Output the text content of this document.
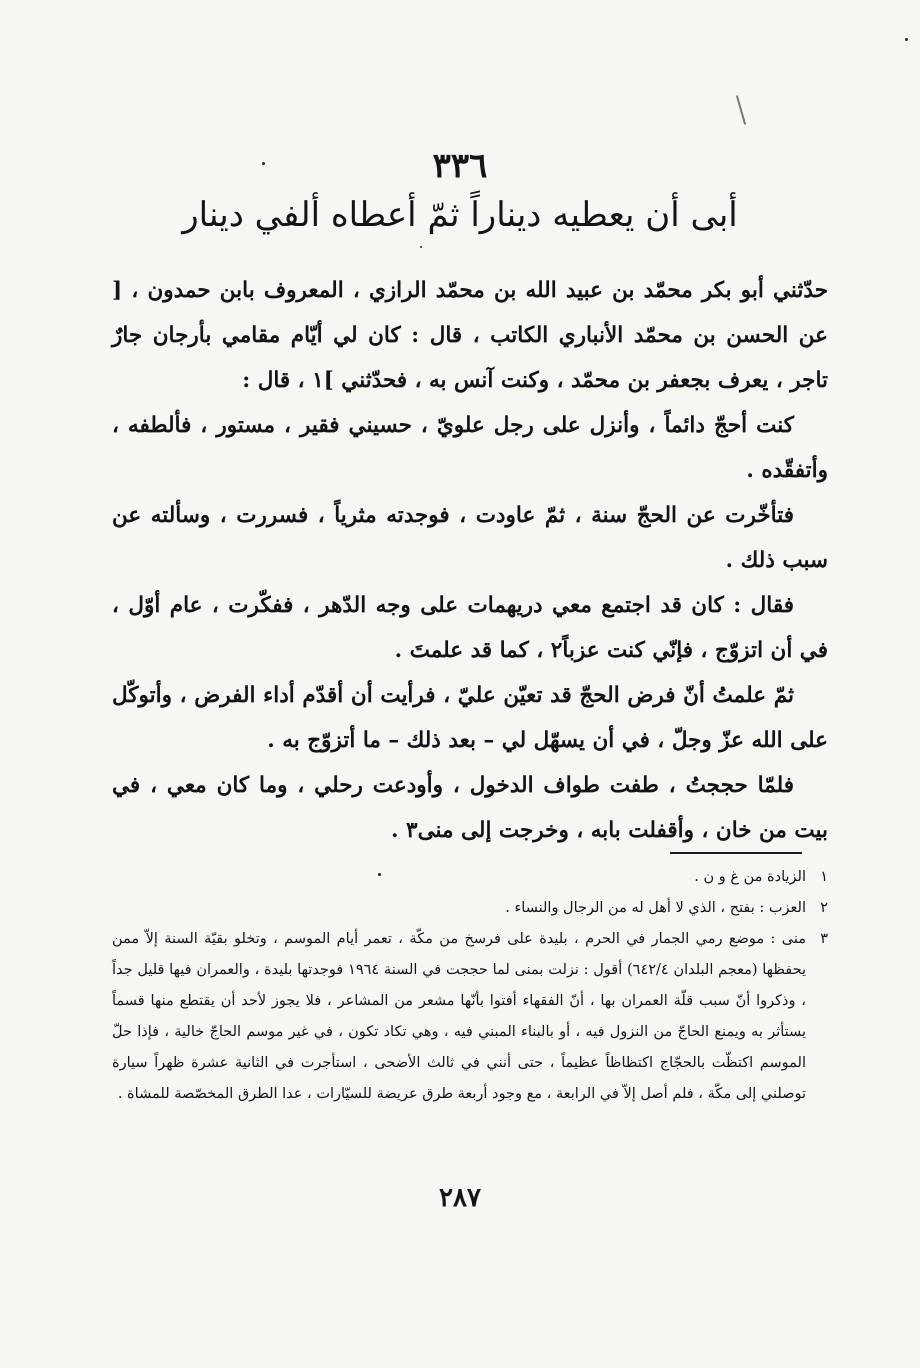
٣٣٦
أبى أن يعطيه ديناراً ثمّ أعطاه ألفي دينار

حدّثني أبو بكر محمّد بن عبيد الله بن محمّد الرازي ، المعروف بابن حمدون ، [ عن الحسن بن محمّد الأنباري الكاتب ، قال : كان لي أيّام مقامي بأرجان جارٌ تاجر ، يعرف بجعفر بن محمّد ، وكنت آنس به ، فحدّثني ]١ ، قال :

كنت أحجّ دائماً ، وأنزل على رجل علويّ ، حسيني فقير ، مستور ، فألطفه ، وأتفقّده .

فتأخّرت عن الحجّ سنة ، ثمّ عاودت ، فوجدته مثرياً ، فسررت ، وسألته عن سبب ذلك .

فقال : كان قد اجتمع معي دريهمات على وجه الدّهر ، ففكّرت ، عام أوّل ، في أن اتزوّج ، فإنّي كنت عزباً٢ ، كما قد علمتَ .

ثمّ علمتُ أنّ فرض الحجّ قد تعيّن عليّ ، فرأيت أن أقدّم أداء الفرض ، وأتوكّل على الله عزّ وجلّ ، في أن يسهّل لي – بعد ذلك – ما أتزوّج به .

فلمّا حججتُ ، طفت طواف الدخول ، وأودعت رحلي ، وما كان معي ، في بيت من خان ، وأقفلت بابه ، وخرجت إلى منى٣ .

١
الزيادة من غ و ن .
٢
العزب : بفتح ، الذي لا أهل له من الرجال والنساء .
٣
منى : موضع رمي الجمار في الحرم ، بليدة على فرسخ من مكّة ، تعمر أيام الموسم ، وتخلو بقيّة السنة إلاّ ممن يحفظها (معجم البلدان ٦٤٢/٤) أقول : نزلت بمنى لما حججت في السنة ١٩٦٤ فوجدتها بليدة ، والعمران فيها قليل جداً ، وذكروا أنّ سبب قلّة العمران بها ، أنّ الفقهاء أفتوا بأنّها مشعر من المشاعر ، فلا يجوز لأحد أن يقتطع منها قسماً يستأثر به ويمنع الحاجّ من النزول فيه ، أو بالبناء المبني فيه ، وهي تكاد تكون ، في غير موسم الحاجّ خالية ، فإذا حلّ الموسم اكتظّت بالحجّاج اكتظاظاً عظيماً ، حتى أنني في ثالث الأضحى ، استأجرت في الثانية عشرة ظهراً سيارة توصلني إلى مكّة ، فلم أصل إلاّ في الرابعة ، مع وجود أربعة طرق عريضة للسيّارات ، عدا الطرق المخصّصة للمشاة .
٢٨٧
